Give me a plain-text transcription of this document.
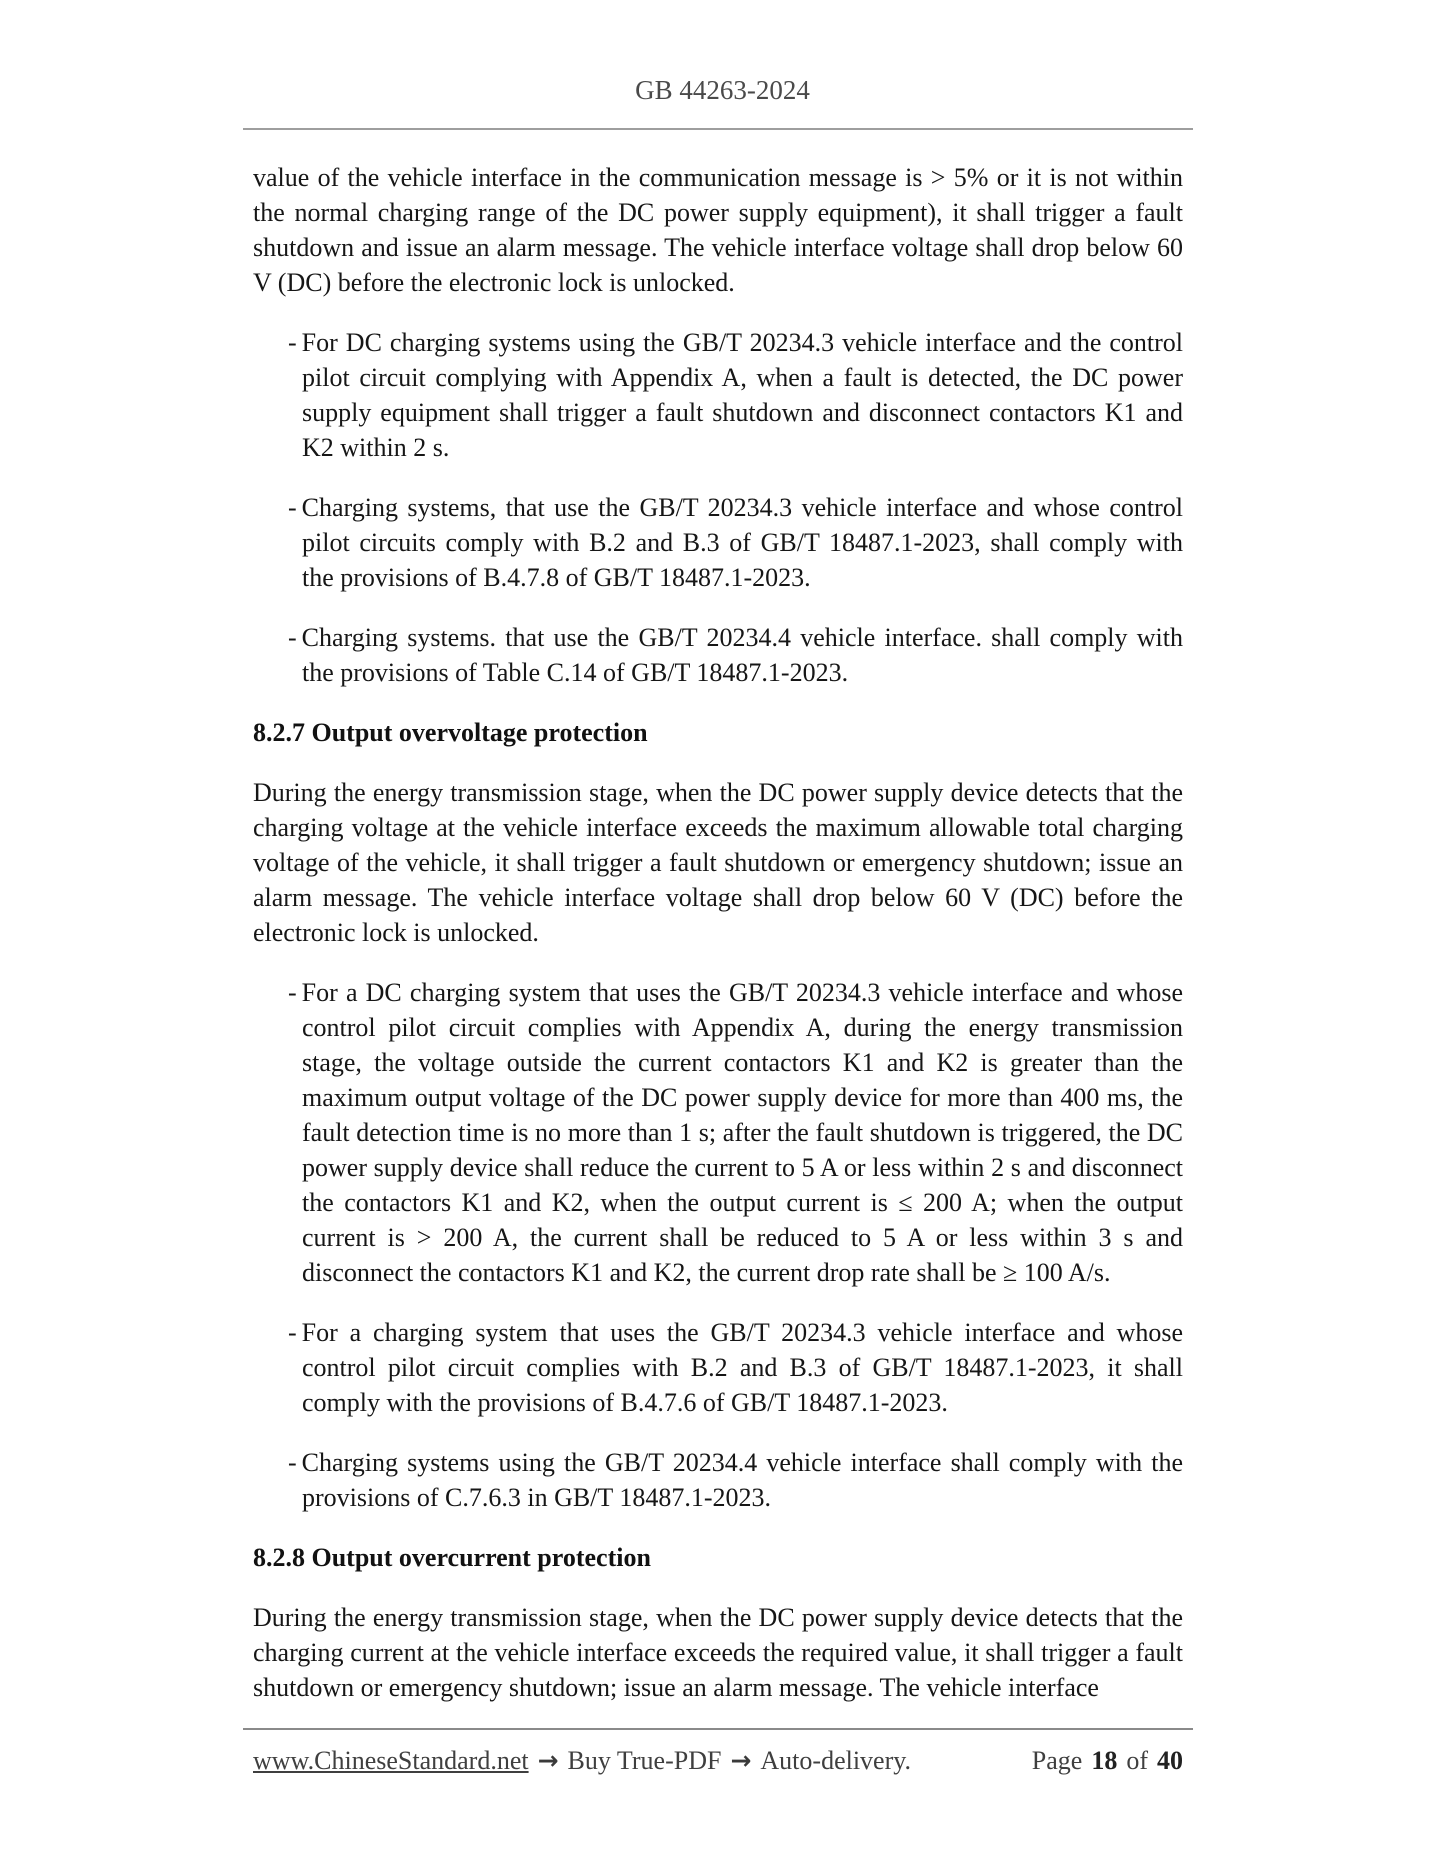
GB 44263-2024

value of the vehicle interface in the communication message is > 5% or it is not within the normal charging range of the DC power supply equipment), it shall trigger a fault shutdown and issue an alarm message. The vehicle interface voltage shall drop below 60 V (DC) before the electronic lock is unlocked.

- For DC charging systems using the GB/T 20234.3 vehicle interface and the control pilot circuit complying with Appendix A, when a fault is detected, the DC power supply equipment shall trigger a fault shutdown and disconnect contactors K1 and K2 within 2 s.
- Charging systems, that use the GB/T 20234.3 vehicle interface and whose control pilot circuits comply with B.2 and B.3 of GB/T 18487.1-2023, shall comply with the provisions of B.4.7.8 of GB/T 18487.1-2023.
- Charging systems. that use the GB/T 20234.4 vehicle interface. shall comply with the provisions of Table C.14 of GB/T 18487.1-2023.
8.2.7 Output overvoltage protection

During the energy transmission stage, when the DC power supply device detects that the charging voltage at the vehicle interface exceeds the maximum allowable total charging voltage of the vehicle, it shall trigger a fault shutdown or emergency shutdown; issue an alarm message. The vehicle interface voltage shall drop below 60 V (DC) before the electronic lock is unlocked.

- For a DC charging system that uses the GB/T 20234.3 vehicle interface and whose control pilot circuit complies with Appendix A, during the energy transmission stage, the voltage outside the current contactors K1 and K2 is greater than the maximum output voltage of the DC power supply device for more than 400 ms, the fault detection time is no more than 1 s; after the fault shutdown is triggered, the DC power supply device shall reduce the current to 5 A or less within 2 s and disconnect the contactors K1 and K2, when the output current is ≤ 200 A; when the output current is > 200 A, the current shall be reduced to 5 A or less within 3 s and disconnect the contactors K1 and K2, the current drop rate shall be ≥ 100 A/s.
- For a charging system that uses the GB/T 20234.3 vehicle interface and whose control pilot circuit complies with B.2 and B.3 of GB/T 18487.1-2023, it shall comply with the provisions of B.4.7.6 of GB/T 18487.1-2023.
- Charging systems using the GB/T 20234.4 vehicle interface shall comply with the provisions of C.7.6.3 in GB/T 18487.1-2023.
8.2.8 Output overcurrent protection

During the energy transmission stage, when the DC power supply device detects that the charging current at the vehicle interface exceeds the required value, it shall trigger a fault shutdown or emergency shutdown; issue an alarm message. The vehicle interface

www.ChineseStandard.net → Buy True-PDF → Auto-delivery.	Page 18 of 40
